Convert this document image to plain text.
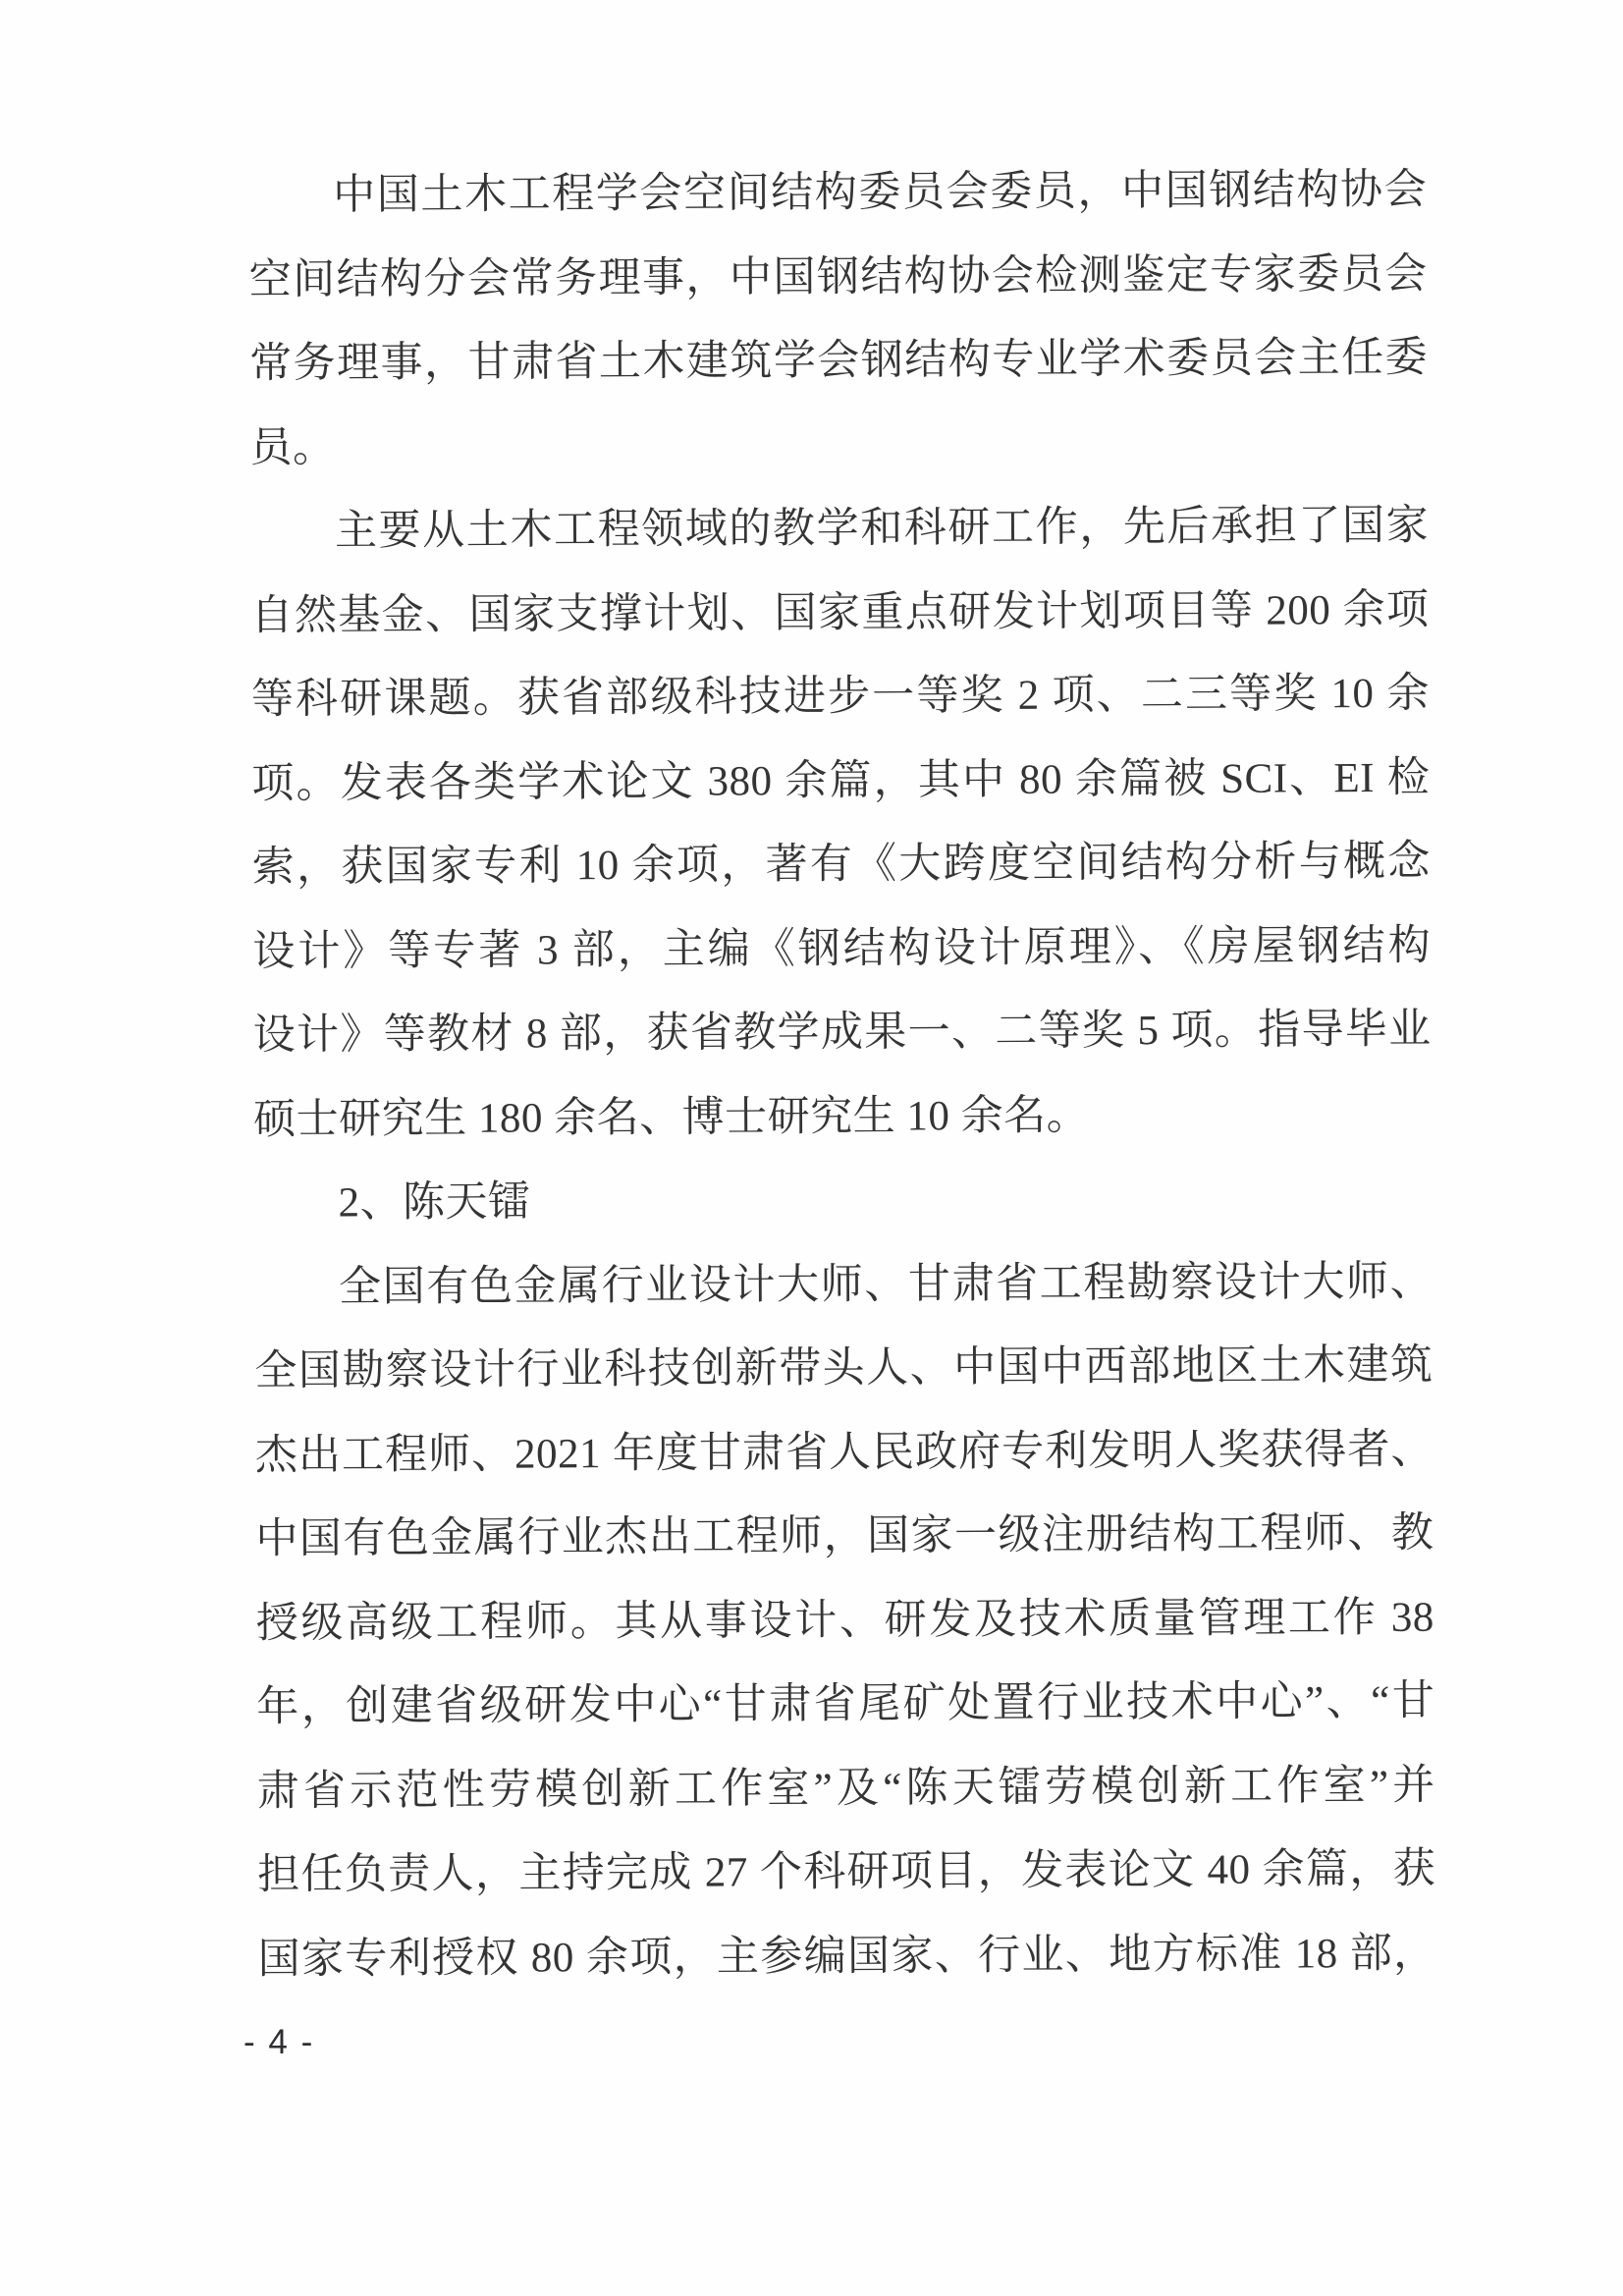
中国土木工程学会空间结构委员会委员，中国钢结构协会
空间结构分会常务理事，中国钢结构协会检测鉴定专家委员会
常务理事，甘肃省土木建筑学会钢结构专业学术委员会主任委
员。
主要从土木工程领域的教学和科研工作，先后承担了国家
自然基金、国家支撑计划、国家重点研发计划项目等 200 余项
等科研课题。获省部级科技进步一等奖 2 项、二三等奖 10 余
项。发表各类学术论文 380 余篇，其中 80 余篇被 SCI、EI 检
索，获国家专利 10 余项，著有《大跨度空间结构分析与概念
设计》等专著 3 部，主编《钢结构设计原理》、《房屋钢结构
设计》等教材 8 部，获省教学成果一、二等奖 5 项。指导毕业
硕士研究生 180 余名、博士研究生 10 余名。
2、陈天镭
全国有色金属行业设计大师、甘肃省工程勘察设计大师、
全国勘察设计行业科技创新带头人、中国中西部地区土木建筑
杰出工程师、2021 年度甘肃省人民政府专利发明人奖获得者、
中国有色金属行业杰出工程师，国家一级注册结构工程师、教
授级高级工程师。其从事设计、研发及技术质量管理工作 38
年，创建省级研发中心“甘肃省尾矿处置行业技术中心”、“甘
肃省示范性劳模创新工作室”及“陈天镭劳模创新工作室”并
担任负责人，主持完成 27 个科研项目，发表论文 40 余篇，获
国家专利授权 80 余项，主参编国家、行业、地方标准 18 部，
- 4 -
